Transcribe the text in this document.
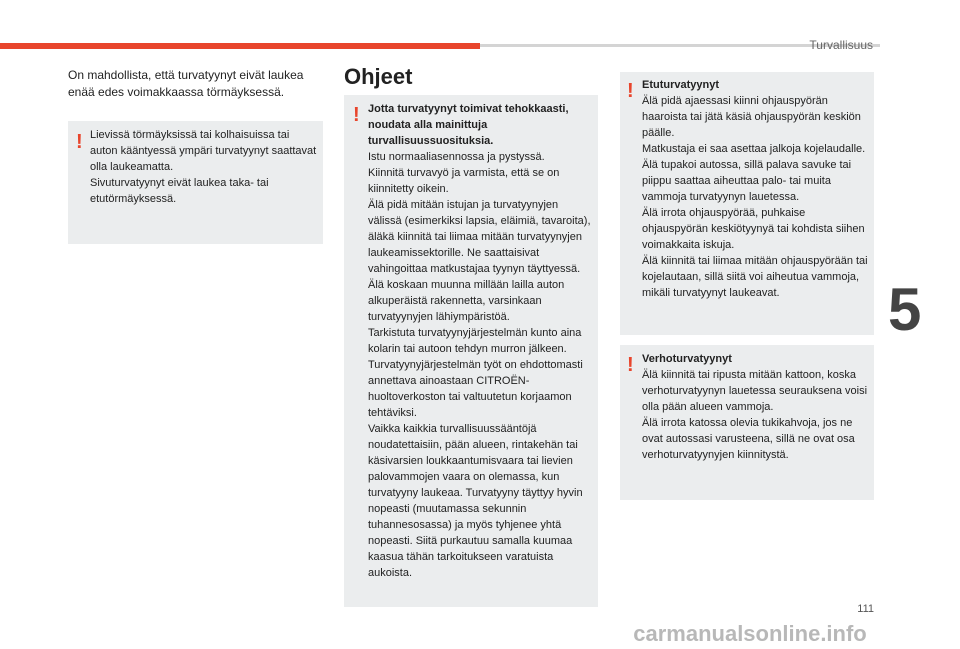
Turvallisuus
On mahdollista, että turvatyynyt eivät laukea enää edes voimakkaassa törmäyksessä.
! Lievissä törmäyksissä tai kolhaisuissa tai auton kääntyessä ympäri turvatyynyt saattavat olla laukeamatta.

Sivuturvatyynyt eivät laukea taka- tai etutörmäyksessä.

Ohjeet
! Jotta turvatyynyt toimivat tehokkaasti, noudata alla mainittuja turvallisuussuosituksia.

Istu normaaliasennossa ja pystyssä.

Kiinnitä turvavyö ja varmista, että se on kiinnitetty oikein.

Älä pidä mitään istujan ja turvatyynyjen välissä (esimerkiksi lapsia, eläimiä, tavaroita), äläkä kiinnitä tai liimaa mitään turvatyynyjen laukeamissektorille. Ne saattaisivat vahingoittaa matkustajaa tyynyn täyttyessä.

Älä koskaan muunna millään lailla auton alkuperäistä rakennetta, varsinkaan turvatyynyjen lähiympäristöä.

Tarkistuta turvatyynyjärjestelmän kunto aina kolarin tai autoon tehdyn murron jälkeen.

Turvatyynyjärjestelmän työt on ehdottomasti annettava ainoastaan CITROËN-huoltoverkoston tai valtuutetun korjaamon tehtäviksi.

Vaikka kaikkia turvallisuussääntöjä noudatettaisiin, pään alueen, rintakehän tai käsivarsien loukkaantumisvaara tai lievien palovammojen vaara on olemassa, kun turvatyyny laukeaa. Turvatyyny täyttyy hyvin nopeasti (muutamassa sekunnin tuhannesosassa) ja myös tyhjenee yhtä nopeasti. Siitä purkautuu samalla kuumaa kaasua tähän tarkoitukseen varatuista aukoista.

! Etuturvatyynyt

Älä pidä ajaessasi kiinni ohjauspyörän haaroista tai jätä käsiä ohjauspyörän keskiön päälle.

Matkustaja ei saa asettaa jalkoja kojelaudalle.

Älä tupakoi autossa, sillä palava savuke tai piippu saattaa aiheuttaa palo- tai muita vammoja turvatyynyn lauetessa.

Älä irrota ohjauspyörää, puhkaise ohjauspyörän keskiötyynyä tai kohdista siihen voimakkaita iskuja.

Älä kiinnitä tai liimaa mitään ohjauspyörään tai kojelautaan, sillä siitä voi aiheutua vammoja, mikäli turvatyynyt laukeavat.

! Verhoturvatyynyt

Älä kiinnitä tai ripusta mitään kattoon, koska verhoturvatyynyn lauetessa seurauksena voisi olla pään alueen vammoja.

Älä irrota katossa olevia tukikahvoja, jos ne ovat autossasi varusteena, sillä ne ovat osa verhoturvatyynyjen kiinnitystä.

5
111
carmanualsonline.info
